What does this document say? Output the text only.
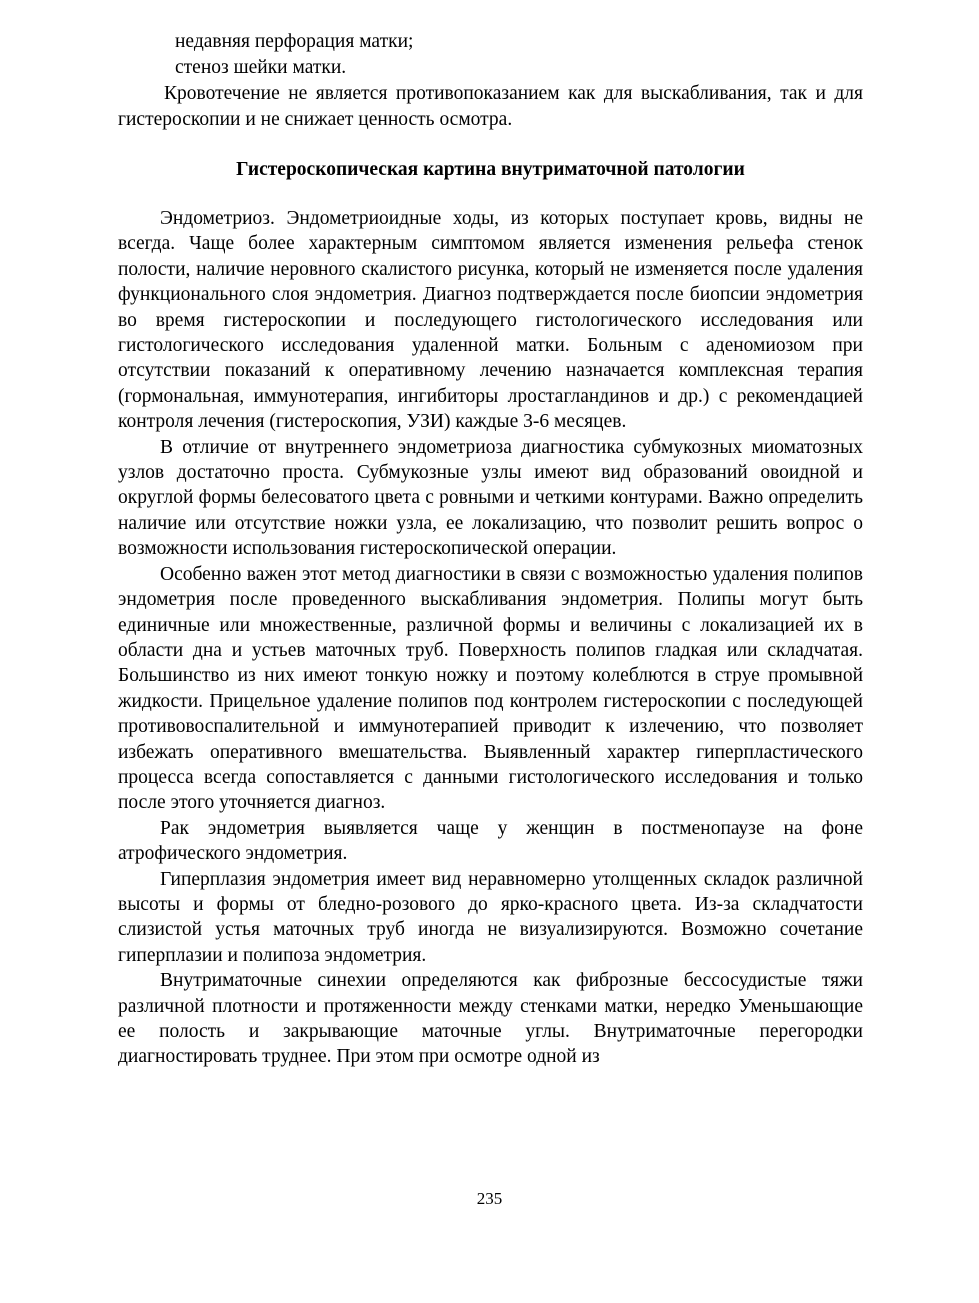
недавняя перфорация матки;
стеноз шейки матки.

Кровотечение не является противопоказанием как для выскабливания, так и для гистероскопии и не снижает ценность осмотра.

Гистероскопическая картина внутриматочной патологии

Эндометриоз. Эндометриоидные ходы, из которых поступает кровь, видны не всегда. Чаще более характерным симптомом является изменения рельефа стенок полости, наличие неровного скалистого рисунка, который не изменяется после удаления функционального слоя эндометрия. Диагноз подтверждается после биопсии эндометрия во время гистероскопии и последующего гистологического исследования или гистологического исследования удаленной матки. Больным с аденомиозом при отсутствии показаний к оперативному лечению назначается комплексная терапия (гормональная, иммунотерапия, ингибиторы лростагландинов и др.) с рекомендацией контроля лечения (гистероскопия, УЗИ) каждые 3-6 месяцев.

В отличие от внутреннего эндометриоза диагностика субмукозных миоматозных узлов достаточно проста. Субмукозные узлы имеют вид образований овоидной и округлой формы белесоватого цвета с ровными и четкими контурами. Важно определить наличие или отсутствие ножки узла, ее локализацию, что позволит решить вопрос о возможности использования гистероскопической операции.

Особенно важен этот метод диагностики в связи с возможностью удаления полипов эндометрия после проведенного выскабливания эндометрия. Полипы могут быть единичные или множественные, различной формы и величины с локализацией их в области дна и устьев маточных труб. Поверхность полипов гладкая или складчатая. Большинство из них имеют тонкую ножку и поэтому колеблются в струе промывной жидкости. Прицельное удаление полипов под контролем гистероскопии с последующей противовоспалительной и иммунотерапией приводит к излечению, что позволяет избежать оперативного вмешательства. Выявленный характер гиперпластического процесса всегда сопоставляется с данными гистологического исследования и только после этого уточняется диагноз.

Рак эндометрия выявляется чаще у женщин в постменопаузе на фоне атрофического эндометрия.

Гиперплазия эндометрия имеет вид неравномерно утолщенных складок различной высоты и формы от бледно-розового до ярко-красного цвета. Из-за складчатости слизистой устья маточных труб иногда не визуализируются. Возможно сочетание гиперплазии и полипоза эндометрия.

Внутриматочные синехии определяются как фиброзные бессосудистые тяжи различной плотности и протяженности между стенками матки, нередко Уменьшающие ее полость и закрывающие маточные углы. Внутриматочные перегородки диагностировать труднее. При этом при осмотре одной из

235
